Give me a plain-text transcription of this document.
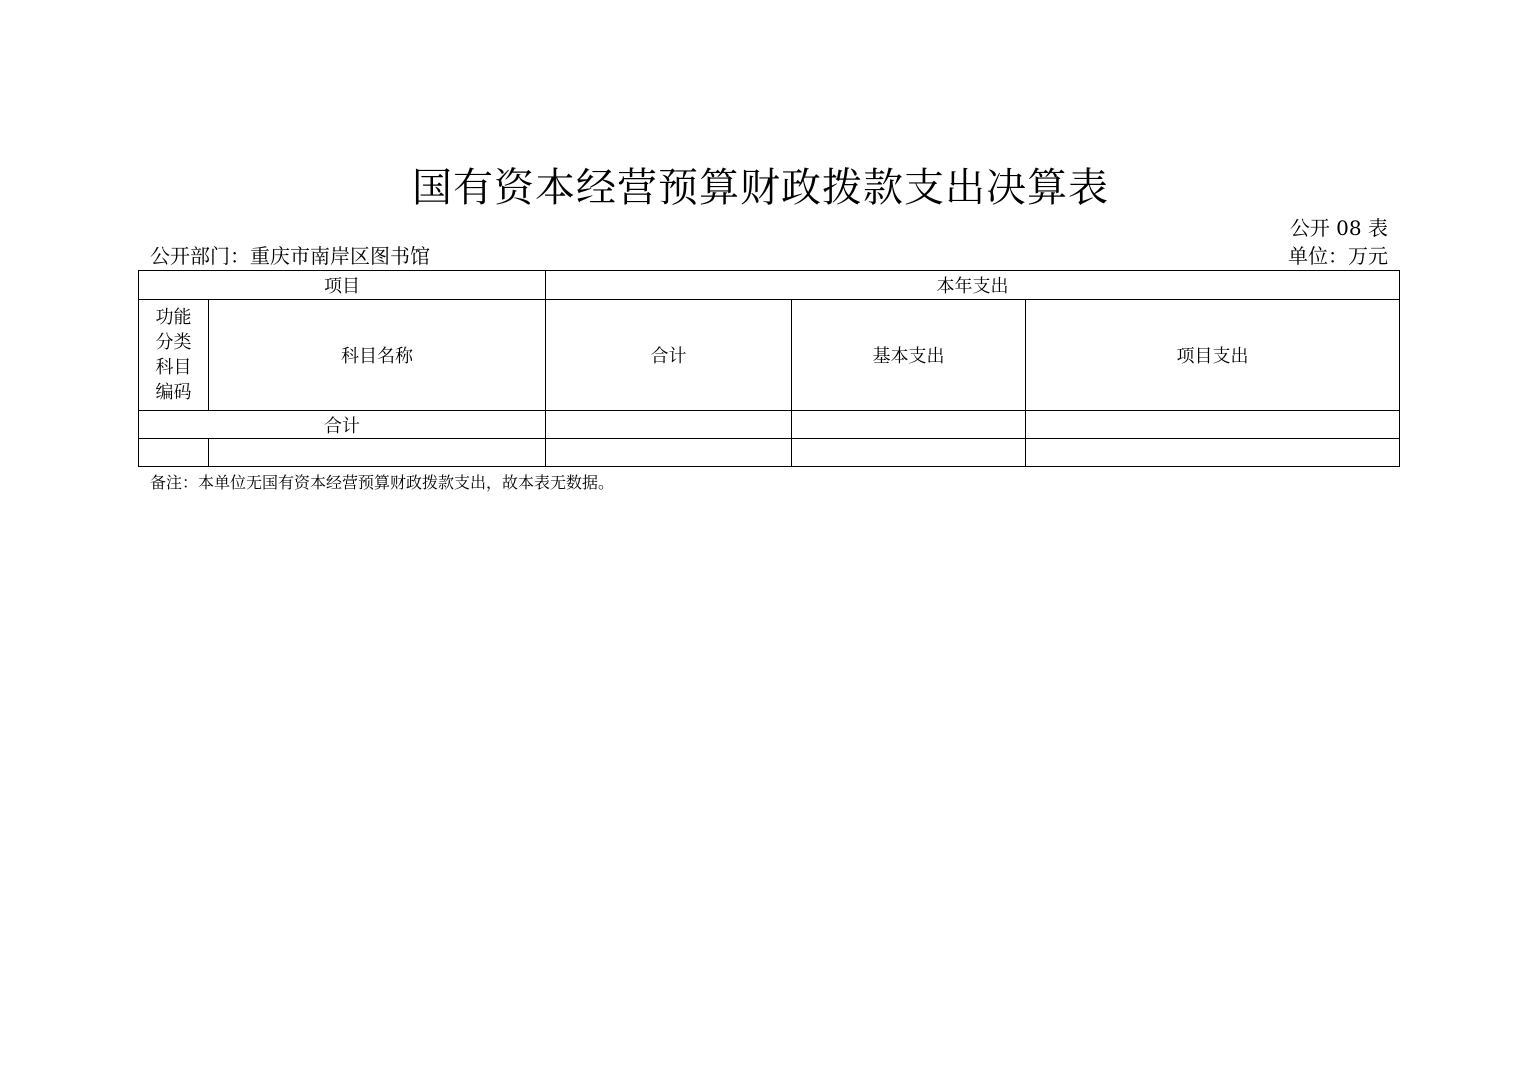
国有资本经营预算财政拨款支出决算表
公开 08 表
公开部门：重庆市南岸区图书馆	单位：万元
项目		本年支出		

功能分类科目编码	科目名称	合计	基本支出	项目支出
合计				

备注：本单位无国有资本经营预算财政拨款支出，故本表无数据。
